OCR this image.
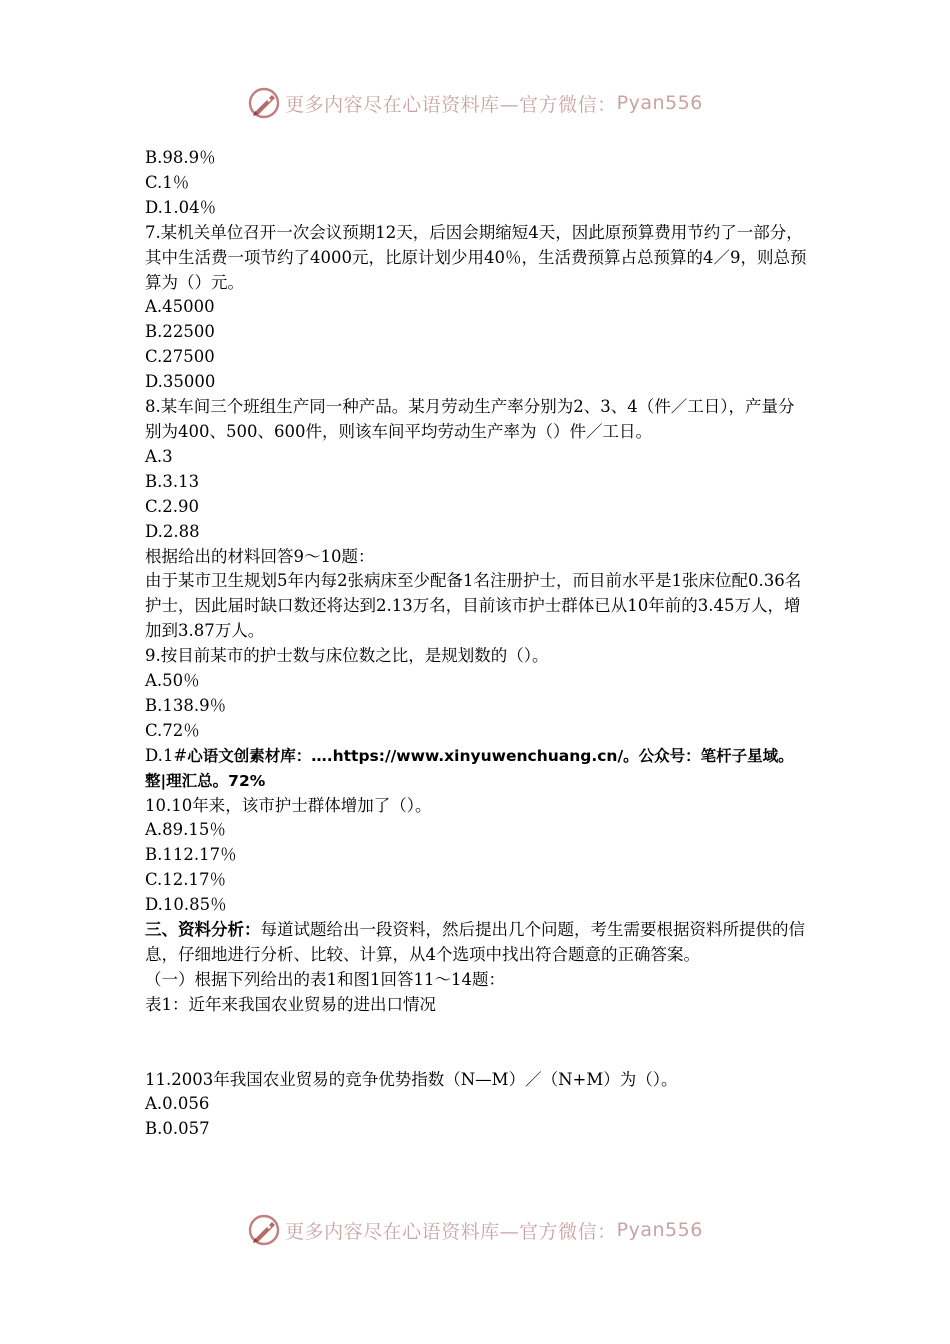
更多内容尽在心语资料库—官方微信： Pyan556

B.98.9％

C.1％

D.1.04％

7.某机关单位召开一次会议预期12天，后因会期缩短4天，因此原预算费用节约了一部分，其中生活费一项节约了4000元，比原计划少用40％，生活费预算占总预算的4／9，则总预算为（）元。

A.45000

B.22500

C.27500

D.35000

8.某车间三个班组生产同一种产品。某月劳动生产率分别为2、3、4（件／工日），产量分别为400、500、600件，则该车间平均劳动生产率为（）件／工日。

A.3

B.3.13

C.2.90

D.2.88

根据给出的材料回答9～10题：

由于某市卫生规划5年内每2张病床至少配备1名注册护士，而目前水平是1张床位配0.36名护士，因此届时缺口数还将达到2.13万名，目前该市护士群体已从10年前的3.45万人，增加到3.87万人。

9.按目前某市的护士数与床位数之比，是规划数的（）。

A.50％

B.138.9％

C.72％

D.1#心语文创素材库：….https://www.xinyuwenchuang.cn/。公众号：笔杆子星域。整|理汇总。72%

10.10年来，该市护士群体增加了（）。

A.89.15％

B.112.17％

C.12.17％

D.10.85％

三、资料分析：每道试题给出一段资料，然后提出几个问题，考生需要根据资料所提供的信息，仔细地进行分析、比较、计算，从4个选项中找出符合题意的正确答案。

（一）根据下列给出的表1和图1回答11～14题：

表1：近年来我国农业贸易的进出口情况

11.2003年我国农业贸易的竞争优势指数（N—M）／（N+M）为（）。

A.0.056

B.0.057

更多内容尽在心语资料库—官方微信： Pyan556
